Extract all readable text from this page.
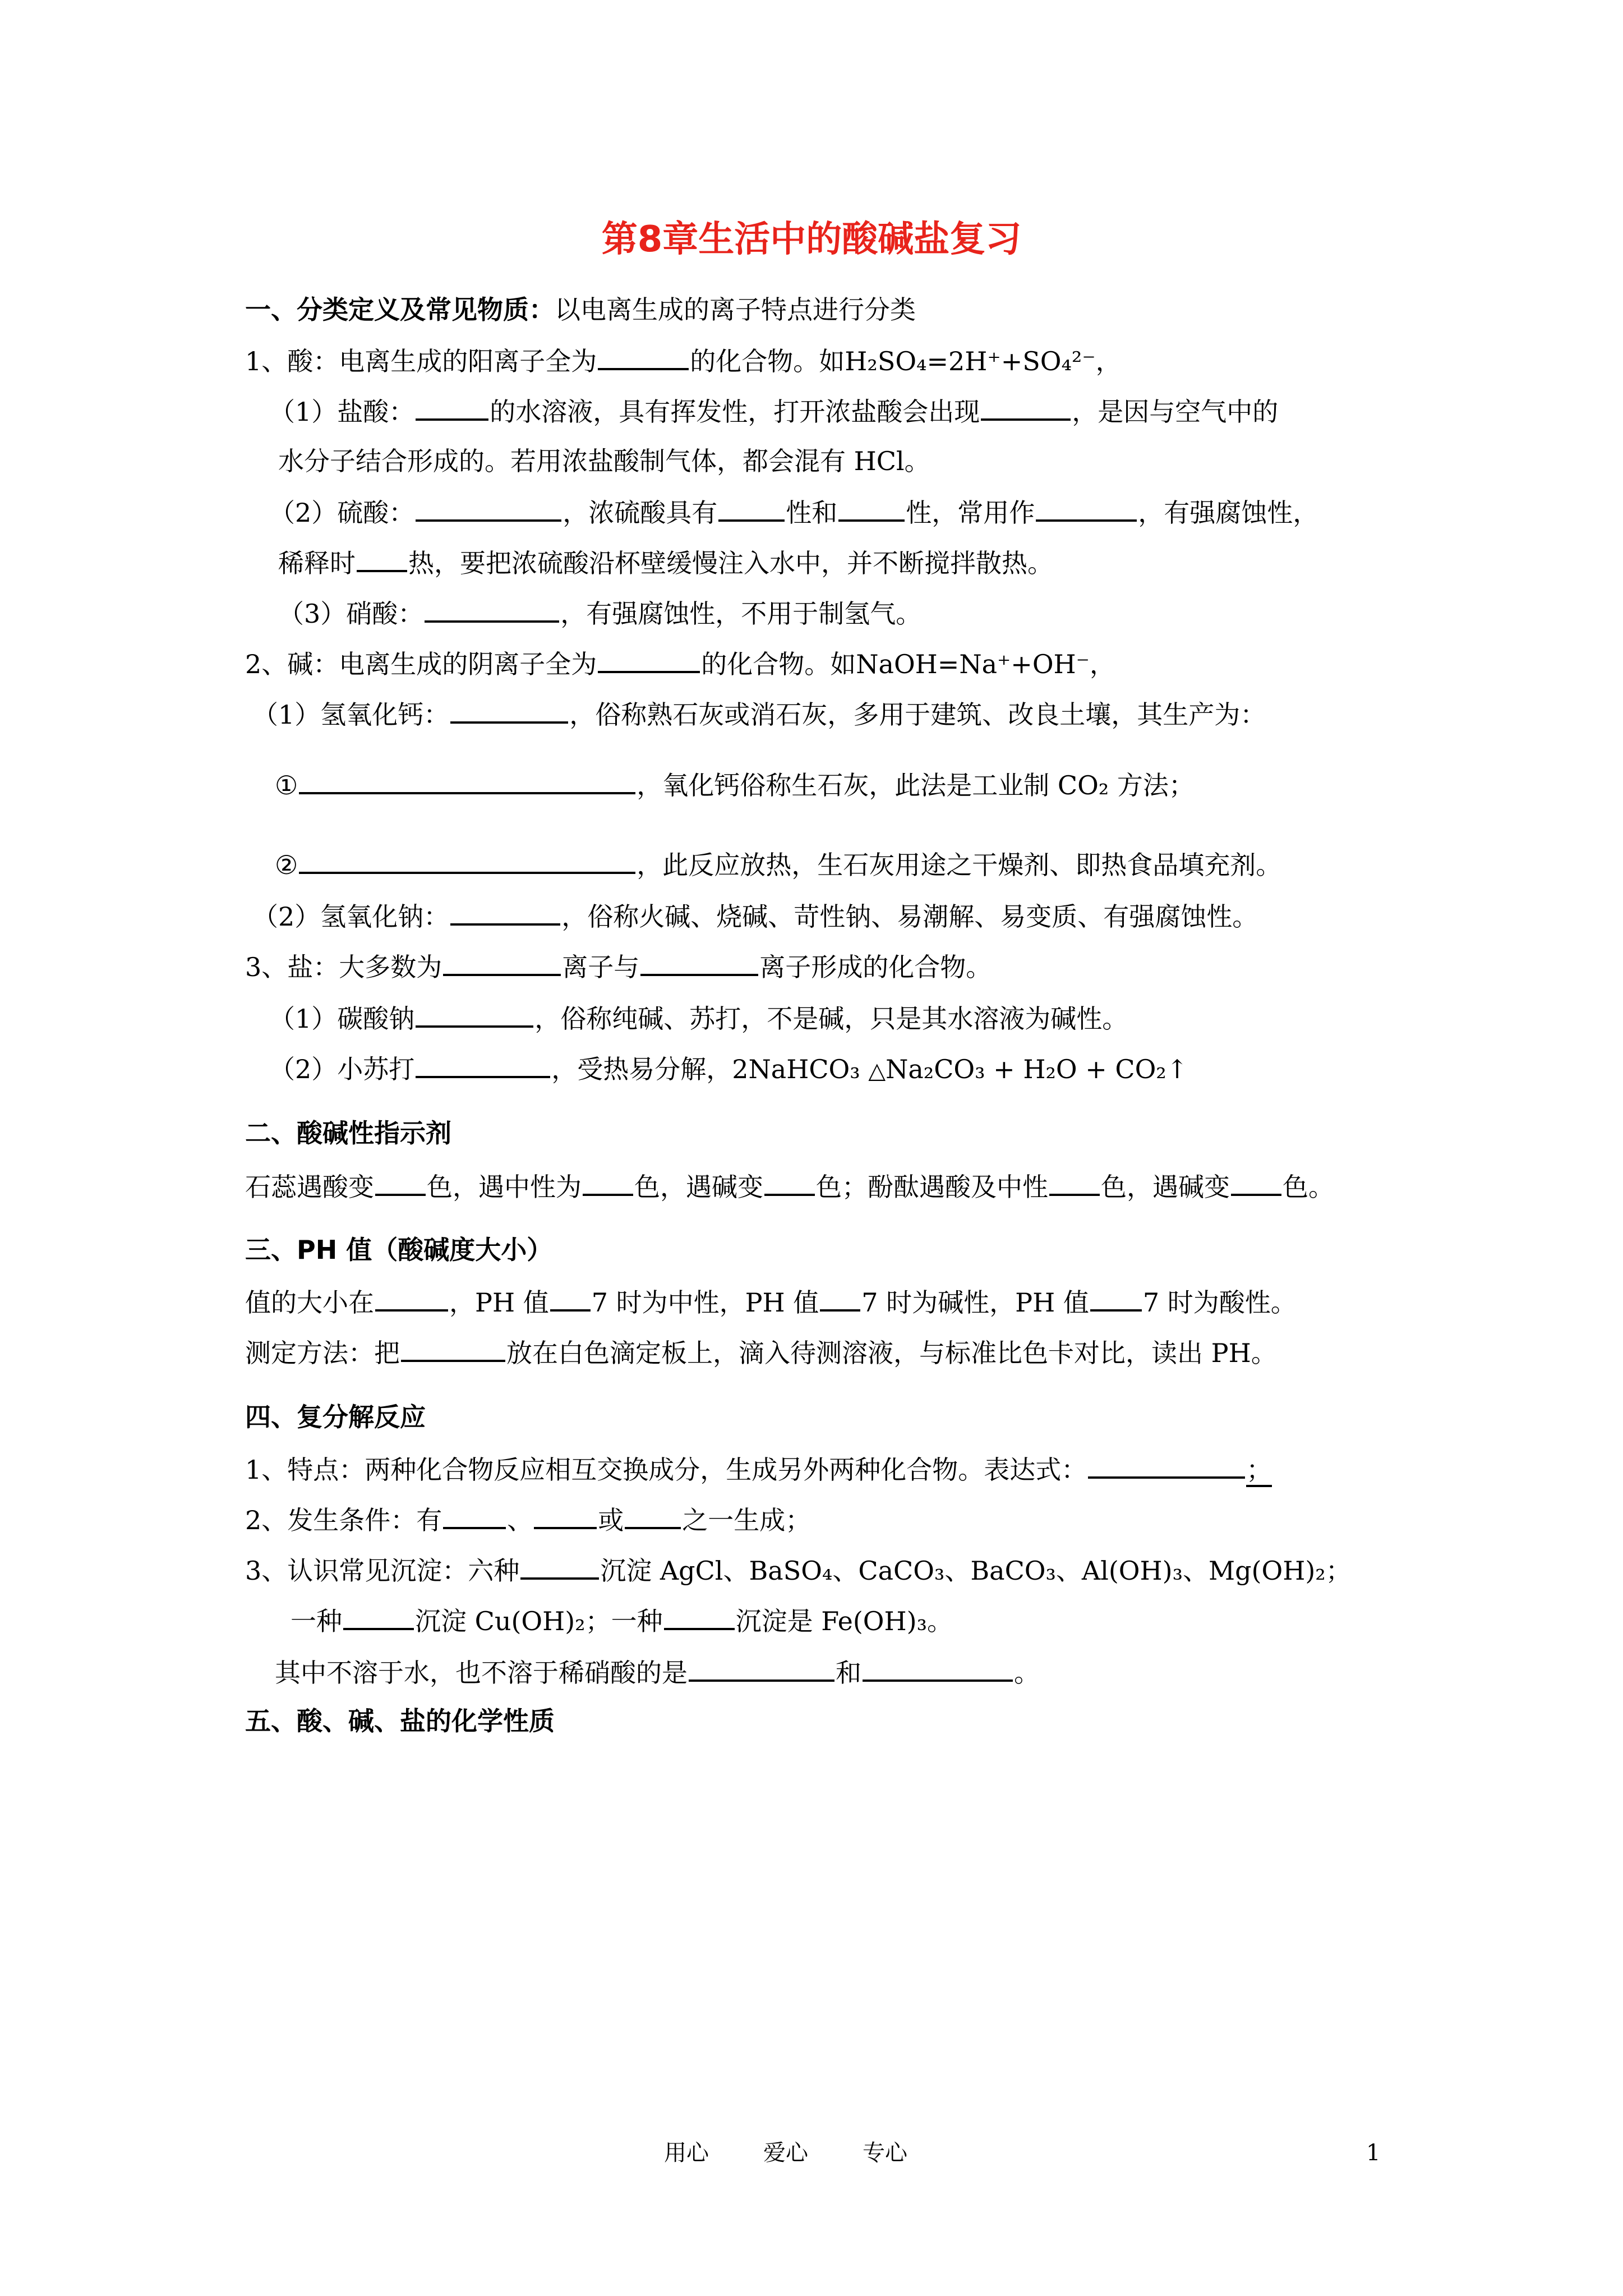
第8章生活中的酸碱盐复习
一、分类定义及常见物质：以电离生成的离子特点进行分类
1、酸：电离生成的阳离子全为	的化合物。如H₂SO₄=2H⁺+SO₄²⁻，
（1）盐酸：	的水溶液，具有挥发性，打开浓盐酸会出现	，是因与空气中的
水分子结合形成的。若用浓盐酸制气体，都会混有 HCl。
（2）硫酸：	，浓硫酸具有	性和	性，常用作	，有强腐蚀性，
稀释时 热，要把浓硫酸沿杯壁缓慢注入水中，并不断搅拌散热。
（3）硝酸：	，有强腐蚀性，不用于制氢气。
2、碱：电离生成的阴离子全为	的化合物。如NaOH=Na⁺+OH⁻，
（1）氢氧化钙：	，俗称熟石灰或消石灰，多用于建筑、改良土壤，其生产为：
①	，氧化钙俗称生石灰，此法是工业制 CO₂ 方法；
②	，此反应放热，生石灰用途之干燥剂、即热食品填充剂。
（2）氢氧化钠：	，俗称火碱、烧碱、苛性钠、易潮解、易变质、有强腐蚀性。
3、盐：大多数为	离子与	离子形成的化合物。
（1）碳酸钠	，俗称纯碱、苏打，不是碱，只是其水溶液为碱性。
（2）小苏打	，受热易分解，2NaHCO₃ △Na₂CO₃ + H₂O + CO₂↑
二、酸碱性指示剂
石蕊遇酸变 色，遇中性为 色，遇碱变 色；酚酞遇酸及中性 色，遇碱变 色。
三、PH 值（酸碱度大小）
值的大小在	，PH 值 7 时为中性，PH 值 7 时为碱性，PH 值 7 时为酸性。
测定方法：把	放在白色滴定板上，滴入待测溶液，与标准比色卡对比，读出 PH。
四、复分解反应
1、特点：两种化合物反应相互交换成分，生成另外两种化合物。表达式：	；
2、发生条件：有	、	或 之一生成；
3、认识常见沉淀：六种	沉淀 AgCl、BaSO₄、CaCO₃、BaCO₃、Al(OH)₃、Mg(OH)₂；
一种	沉淀 Cu(OH)₂；一种	沉淀是 Fe(OH)₃。
其中不溶于水，也不溶于稀硝酸的是	和	。
五、酸、碱、盐的化学性质
用心 爱心 专心	1
